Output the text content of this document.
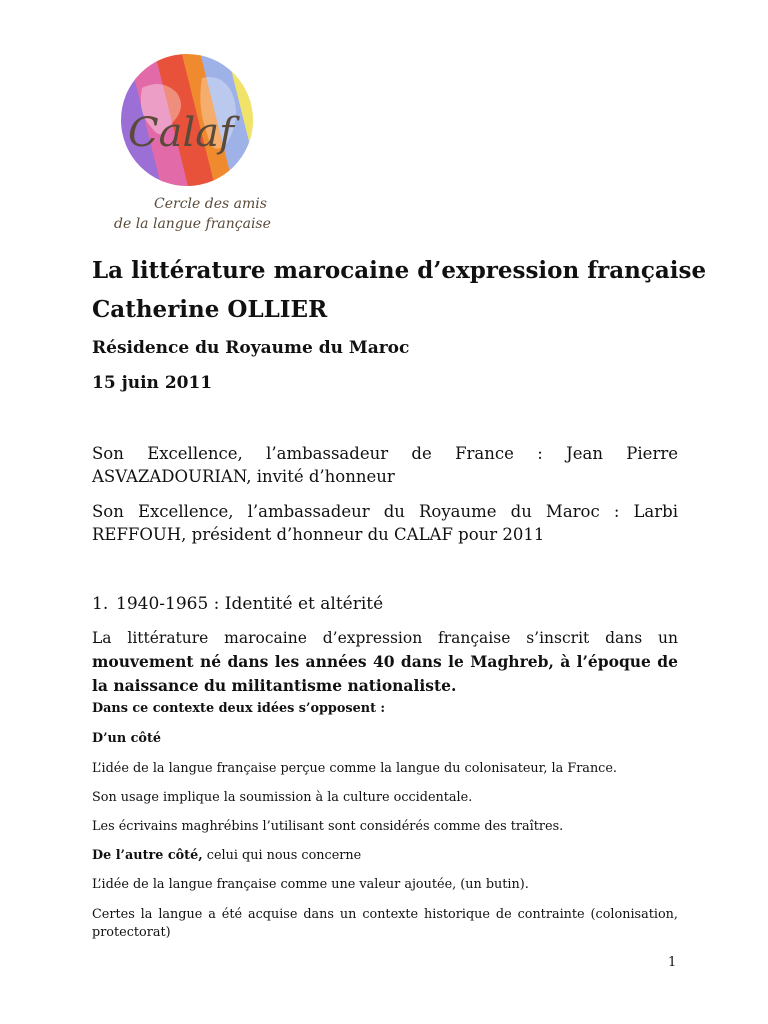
Calaf
Cercle des amis
de la langue française
La littérature marocaine d’expression française
Catherine OLLIER

Résidence du Royaume du Maroc

15 juin 2011

Son Excellence, l’ambassadeur de France : Jean Pierre ASVAZADOURIAN, invité d’honneur

Son Excellence, l’ambassadeur du Royaume du Maroc : Larbi REFFOUH, président d’honneur du CALAF pour 2011

1. 1940-1965 : Identité et altérité

La littérature marocaine d’expression française s’inscrit dans un mouvement né dans les années 40 dans le Maghreb, à l’époque de la naissance du militantisme nationaliste.

Dans ce contexte deux idées s’opposent :

D’un côté

L’idée de la langue française perçue comme la langue du colonisateur, la France.

Son usage implique la soumission à la culture occidentale.

Les écrivains maghrébins l’utilisant sont considérés comme des traîtres.

De l’autre côté, celui qui nous concerne

L’idée de la langue française comme une valeur ajoutée, (un butin).

Certes la langue a été acquise dans un contexte historique de contrainte (colonisation, protectorat)

1
